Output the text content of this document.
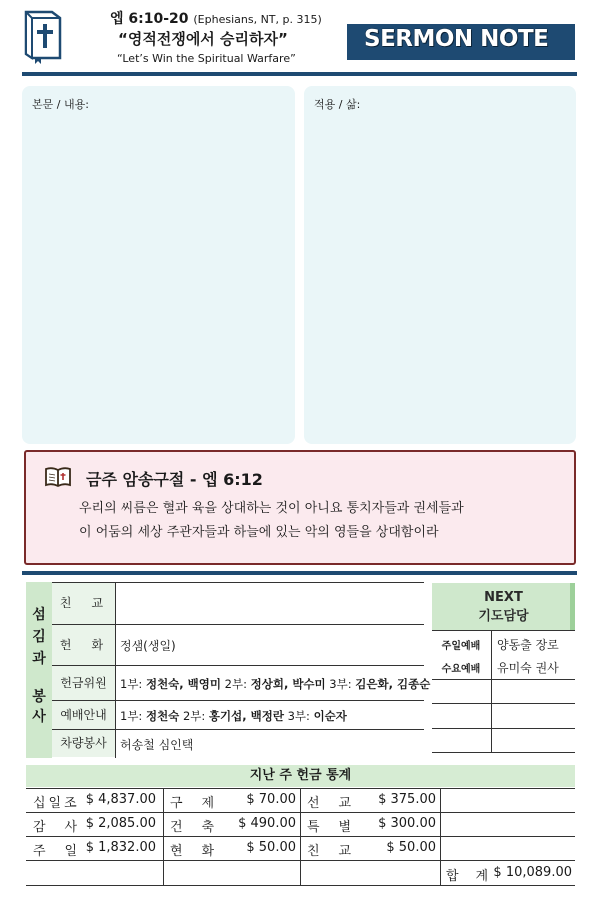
엡 6:10-20 (Ephesians, NT, p. 315)
“영적전쟁에서 승리하자”
“Let’s Win the Spiritual Warfare”
SERMON NOTE
본문 / 내용:	적용 / 삶:
금주 암송구절 - 엡 6:12
우리의 씨름은 혈과 육을 상대하는 것이 아니요 통치자들과 권세들과
이 어둠의 세상 주관자들과 하늘에 있는 악의 영들을 상대함이라
섬
김
과
봉
사
친　교
헌　화	정샘(생일)
헌금위원	1부: 정천숙, 백영미 2부: 정상희, 박수미 3부: 김은화, 김종순
예배안내	1부: 정천숙 2부: 홍기섭, 백정란 3부: 이순자
차량봉사	허송철 심인택
NEXT
기도담당
주일예배	양동출 장로
수요예배	유미숙 권사
지난 주 헌금 통계
십일조 $ 4,837.00 구　제	$ 70.00 선　교	$ 375.00
감　사 $ 2,085.00 건　축	$ 490.00 특　별	$ 300.00
주　일 $ 1,832.00 현　화	$ 50.00 친　교	$ 50.00
합　계 $ 10,089.00
